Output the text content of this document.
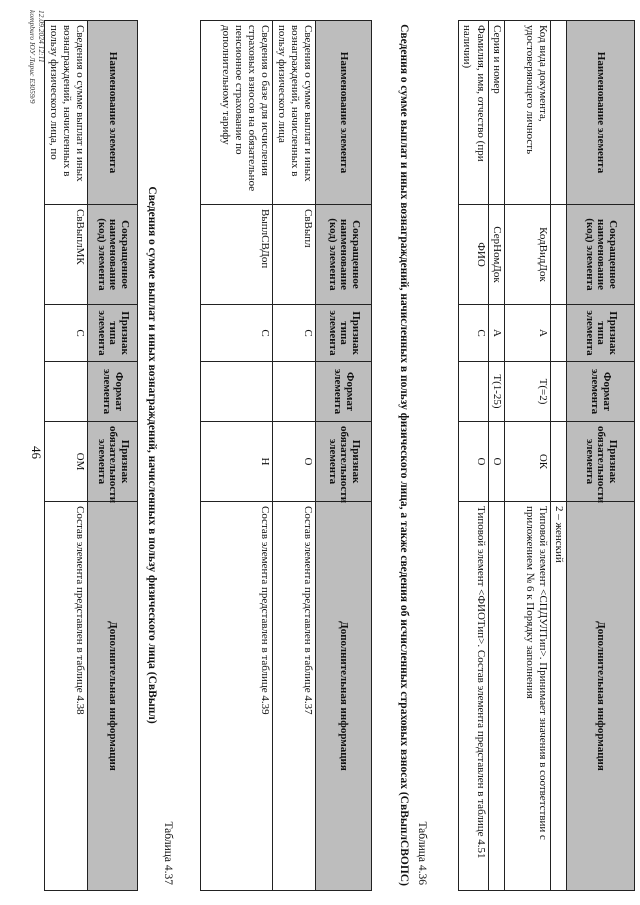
46
Наименование элемента	Сокращенное наименование (код) элемента	Признак типа элемента	Формат элемента	Признак обязательности элемента	Дополнительная информация
					2 – женский
Код вида документа, удостоверяющего личность	КодВидДок	А	T(=2)	ОК	Типовой элемент <СПДУЛТип>. Принимает значения в соответствии с приложением № 6 к Порядку заполнения
Серия и номер	СерНомДок	А	T(1-25)	О	
Фамилия, имя, отчество (при наличии)	ФИО	С		О	Типовой элемент <ФИОТип>. Состав элемента представлен в таблице 4.51
Таблица 4.36
Сведения о сумме выплат и иных вознаграждений, начисленных в пользу физического лица, а также сведения об исчисленных страховых взносах (СвВыплСВОПС)
Наименование элемента	Сокращенное наименование (код) элемента	Признак типа элемента	Формат элемента	Признак обязательности элемента	Дополнительная информация
Сведения о сумме выплат и иных вознаграждений, начисленных в пользу физического лица	СвВыпл	С		О	Состав элемента представлен в таблице 4.37
Сведения о базе для исчисления страховых взносов на обязательное пенсионное страхование по дополнительному тарифу	ВыплСВДоп	С		Н	Состав элемента представлен в таблице 4.39
Таблица 4.37
Сведения о сумме выплат и иных вознаграждений, начисленных в пользу физического лица (СвВыпл)
Наименование элемента	Сокращенное наименование (код) элемента	Признак типа элемента	Формат элемента	Признак обязательности элемента	Дополнительная информация
Сведения о сумме выплат и иных вознаграждений, начисленных в пользу физического лица, по	СвВыплМК	С		ОМ	Состав элемента представлен в таблице 4.38
12.09.2024 12:11
kompburo ЮУ Ларис ЕЗ059/9
